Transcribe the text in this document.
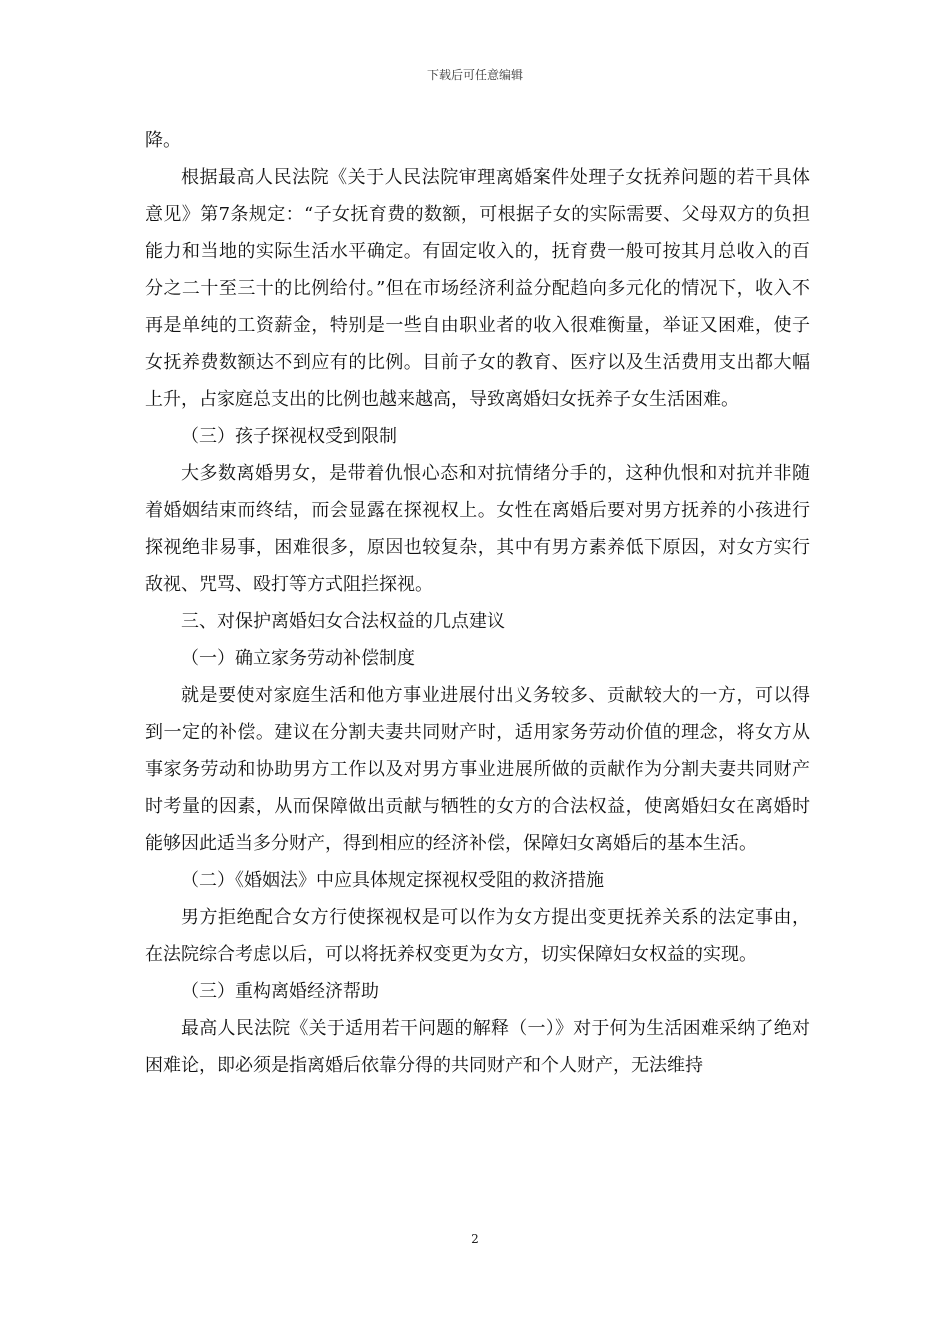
下载后可任意编辑

降。

根据最高人民法院《关于人民法院审理离婚案件处理子女抚养问题的若干具体意见》第7条规定：“子女抚育费的数额，可根据子女的实际需要、父母双方的负担能力和当地的实际生活水平确定。有固定收入的，抚育费一般可按其月总收入的百分之二十至三十的比例给付。”但在市场经济利益分配趋向多元化的情况下，收入不再是单纯的工资薪金，特别是一些自由职业者的收入很难衡量，举证又困难，使子女抚养费数额达不到应有的比例。目前子女的教育、医疗以及生活费用支出都大幅上升，占家庭总支出的比例也越来越高，导致离婚妇女抚养子女生活困难。

（三）孩子探视权受到限制

大多数离婚男女，是带着仇恨心态和对抗情绪分手的，这种仇恨和对抗并非随着婚姻结束而终结，而会显露在探视权上。女性在离婚后要对男方抚养的小孩进行探视绝非易事，困难很多，原因也较复杂，其中有男方素养低下原因，对女方实行敌视、咒骂、殴打等方式阻拦探视。

三、对保护离婚妇女合法权益的几点建议

（一）确立家务劳动补偿制度

就是要使对家庭生活和他方事业进展付出义务较多、贡献较大的一方，可以得到一定的补偿。建议在分割夫妻共同财产时，适用家务劳动价值的理念，将女方从事家务劳动和协助男方工作以及对男方事业进展所做的贡献作为分割夫妻共同财产时考量的因素，从而保障做出贡献与牺牲的女方的合法权益，使离婚妇女在离婚时能够因此适当多分财产，得到相应的经济补偿，保障妇女离婚后的基本生活。

（二）《婚姻法》中应具体规定探视权受阻的救济措施

男方拒绝配合女方行使探视权是可以作为女方提出变更抚养关系的法定事由，在法院综合考虑以后，可以将抚养权变更为女方，切实保障妇女权益的实现。

（三）重构离婚经济帮助

最高人民法院《关于适用若干问题的解释（一）》对于何为生活困难采纳了绝对困难论，即必须是指离婚后依靠分得的共同财产和个人财产，无法维持

2
